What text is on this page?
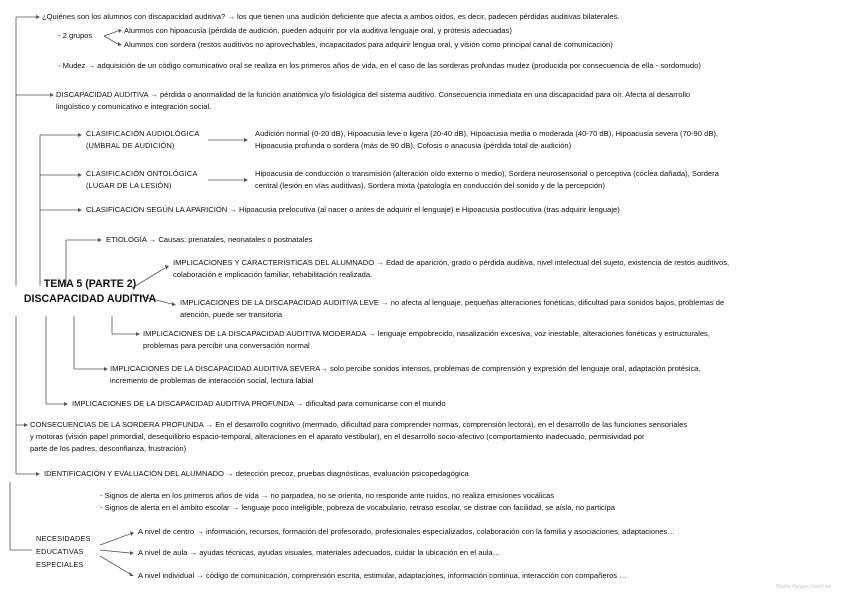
¿Quiénes son los alumnos con discapacidad auditiva? → los que tienen una audición deficiente que afecta a ambos oídos, es decir, padecen pérdidas auditivas bilaterales.
- 2 grupos
Alumnos con hipoacusia (pérdida de audición, pueden adquirir por vía auditiva lenguaje oral, y prótesis adecuadas)
Alumnos con sordera (restos auditivos no aprovechables, incapacitados para adquirir lengua oral, y visión como principal canal de comunicación)
- Mudez → adquisición de un código comunicativo oral se realiza en los primeros años de vida, en el caso de las sorderas profundas mudez (producida por consecuencia de ella - sordomudo)
DISCAPACIDAD AUDITIVA → pérdida o anormalidad de la función anatómica y/o fisiológica del sistema auditivo. Consecuencia inmediata en una discapacidad para oír. Afecta al desarrollo
lingüístico y comunicativo e integración social.
CLASIFICACIÓN AUDIOLÓGICA
(UMBRAL DE AUDICIÓN)
Audición normal (0-20 dB), Hipoacusia leve o ligera (20-40 dB), Hipoacusia media o moderada (40-70 dB), Hipoacusia severa (70-90 dB),
Hipoacusia profunda o sordera (más de 90 dB), Cofosis o anacusia (pérdida total de audición)
CLASIFICACIÓN ONTOLÓGICA
(LUGAR DE LA LESIÓN)
Hipoacusia de conducción o transmisión (alteración oído externo o medio), Sordera neurosensorial o perceptiva (cóclea dañada), Sordera
central (lesión en vías auditivas), Sordera mixta (patología en conducción del sonido y de la percepción)
CLASIFICACIÓN SEGÚN LA APARICIÓN → Hipoacusia prelocutiva (al nacer o antes de adquirir el lenguaje) e Hipoacusia postlocutiva (tras adquirir lenguaje)
ETIOLOGÍA → Causas: prenatales, neonatales o postnatales
TEMA 5 (PARTE 2)
DISCAPACIDAD AUDITIVA
IMPLICACIONES Y CARACTERÍSTICAS DEL ALUMNADO → Edad de aparición, grado o pérdida auditiva, nivel intelectual del sujeto, existencia de restos auditivos,
colaboración e implicación familiar, rehabilitación realizada.
IMPLICACIONES DE LA DISCAPACIDAD AUDITIVA LEVE → no afecta al lenguaje, pequeñas alteraciones fonéticas, dificultad para sonidos bajos, problemas de
atención, puede ser transitoria
IMPLICACIONES DE LA DISCAPACIDAD AUDITIVA MODERADA → lenguaje empobrecido, nasalización excesiva, voz inestable, alteraciones fonéticas y estructurales,
problemas para percibir una conversación normal
IMPLICACIONES DE LA DISCAPACIDAD AUDITIVA SEVERA→ solo percibe sonidos intensos, problemas de comprensión y expresión del lenguaje oral, adaptación protésica,
incremento de problemas de interacción social, lectura labial
IMPLICACIONES DE LA DISCAPACIDAD AUDITIVA PROFUNDA → dificultad para comunicarse con el mundo
CONSECUENCIAS DE LA SORDERA PROFUNDA → En el desarrollo cognitivo (mermado, dificultad para comprender normas, comprensión lectora), en el desarrollo de las funciones sensoriales
y motoras (visión papel primordial, desequilibrio espacio-temporal, alteraciones en el aparato vestibular), en el desarrollo socio-afectivo (comportamiento inadecuado, permisividad por
parte de los padres, desconfianza, frustración)
IDENTIFICACIÓN Y EVALUACIÓN DEL ALUMNADO → detección precoz, pruebas diagnósticas, evaluación psicopedagógica
- Signos de alerta en los primeros años de vida → no parpadea, no se orienta, no responde ante ruidos, no realiza emisiones vocálicas
- Signos de alerta en el ámbito escolar → lenguaje poco inteligible, pobreza de vocabulario, retraso escolar, se distrae con facilidad, se aísla, no participa
NECESIDADES
EDUCATIVAS
ESPECIALES
A nivel de centro → información, recursos, formación del profesorado, profesionales especializados, colaboración con la familia y asociaciones, adaptaciones…
A nivel de aula → ayudas técnicas, ayudas visuales, materiales adecuados, cuidar la ubicación en el aula…
A nivel individual → código de comunicación, comprensión escrita, estimular, adaptaciones, información continua, interacción con compañeros …
Marta Vargas Martínez
